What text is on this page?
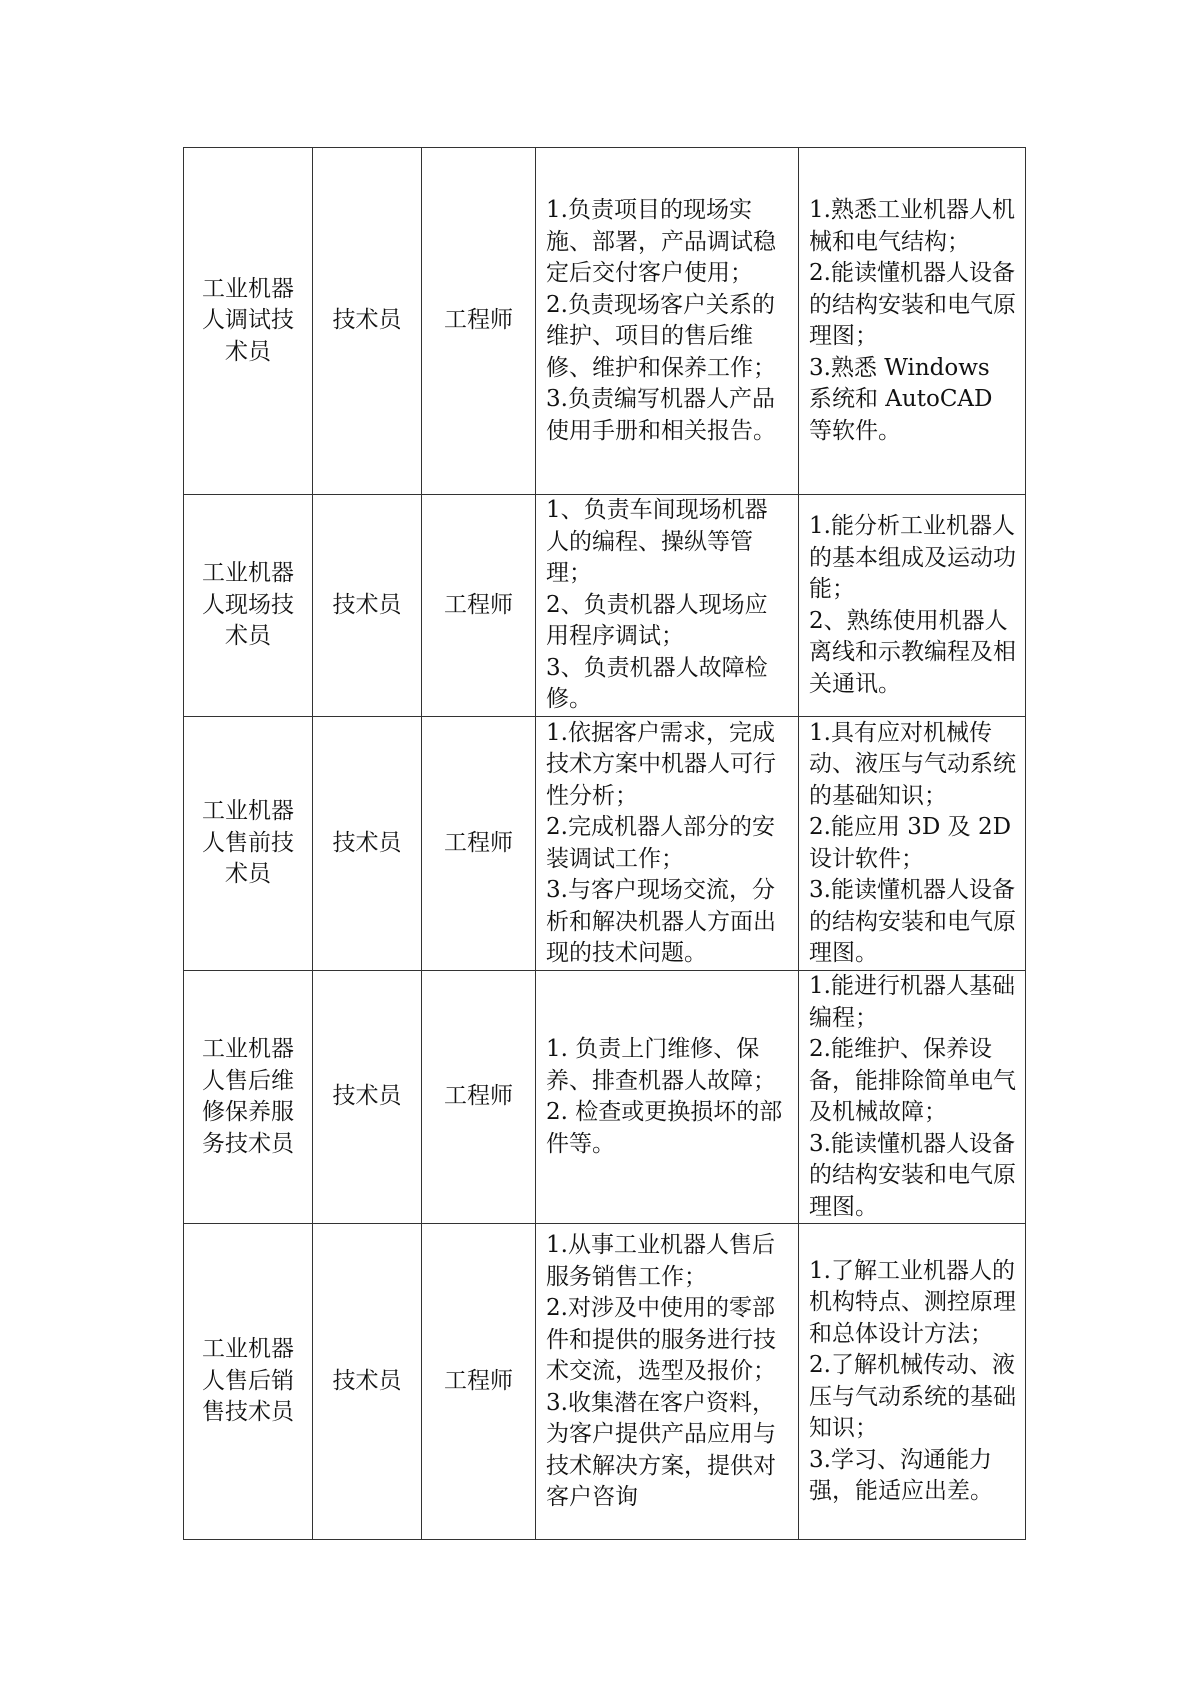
工业机器人调试技术员	技术员	工程师	1.负责项目的现场实施、部署，产品调试稳定后交付客户使用；
2.负责现场客户关系的维护、项目的售后维修、维护和保养工作；
3.负责编写机器人产品使用手册和相关报告。	1.熟悉工业机器人机械和电气结构；
2.能读懂机器人设备的结构安装和电气原理图；
3.熟悉 Windows 系统和 AutoCAD 等软件。

工业机器人现场技术员	技术员	工程师	1、负责车间现场机器人的编程、操纵等管理；
2、负责机器人现场应用程序调试；
3、负责机器人故障检修。	1.能分析工业机器人的基本组成及运动功能；
2、熟练使用机器人离线和示教编程及相关通讯。

工业机器人售前技术员	技术员	工程师	1.依据客户需求，完成技术方案中机器人可行性分析；
2.完成机器人部分的安装调试工作；
3.与客户现场交流，分析和解决机器人方面出现的技术问题。	1.具有应对机械传动、液压与气动系统的基础知识；
2.能应用 3D 及 2D 设计软件；
3.能读懂机器人设备的结构安装和电气原理图。

工业机器人售后维修保养服务技术员	技术员	工程师	1. 负责上门维修、保养、排查机器人故障；
2. 检查或更换损坏的部件等。	1.能进行机器人基础编程；
2.能维护、保养设备，能排除简单电气及机械故障；
3.能读懂机器人设备的结构安装和电气原理图。

工业机器人售后销售技术员	技术员	工程师	1.从事工业机器人售后服务销售工作；
2.对涉及中使用的零部件和提供的服务进行技术交流，选型及报价；
3.收集潜在客户资料，为客户提供产品应用与技术解决方案，提供对客户咨询	1.了解工业机器人的机构特点、测控原理和总体设计方法；
2.了解机械传动、液压与气动系统的基础知识；
3.学习、沟通能力强，能适应出差。
